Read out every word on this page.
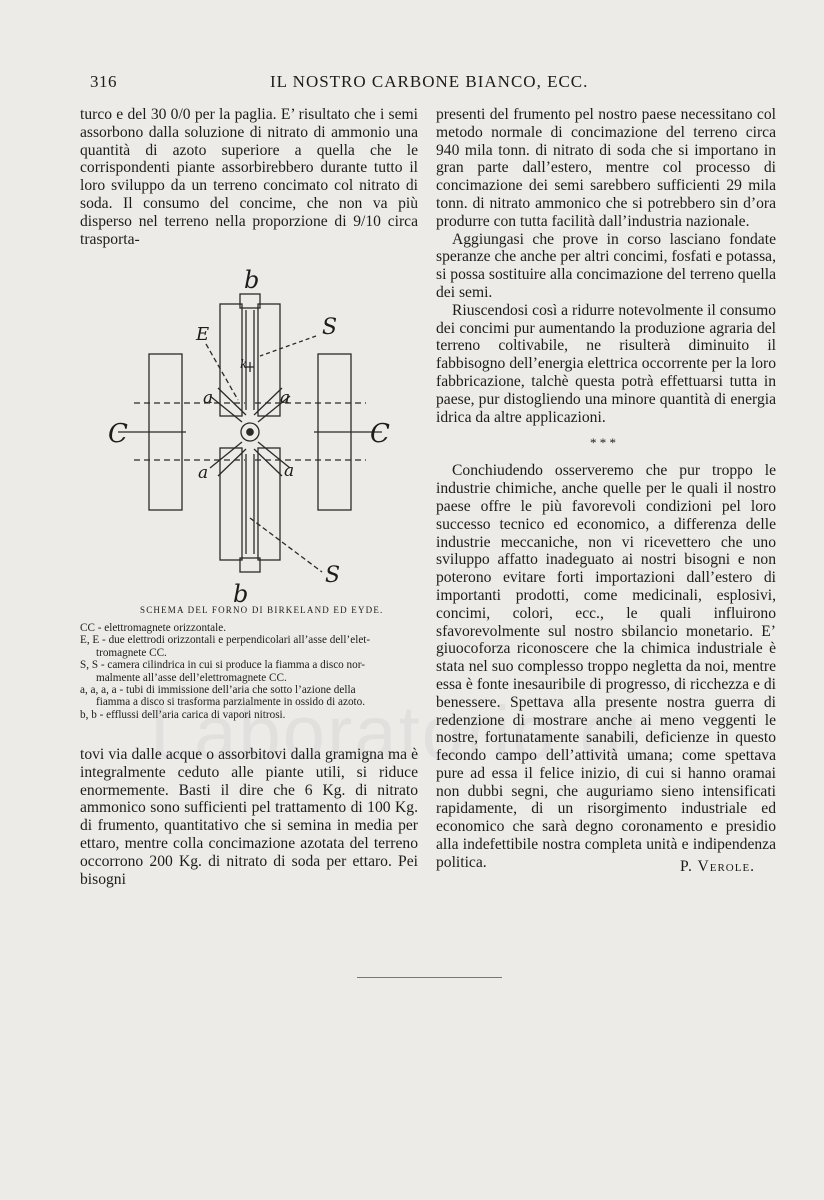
316	IL NOSTRO CARBONE BIANCO, ECC.

turco e del 30 0/0 per la paglia. E’ risultato che i semi assorbono dalla soluzione di nitrato di ammonio una quantità di azoto superiore a quella che le corrispondenti piante assorbirebbero durante tutto il loro sviluppo da un terreno concimato col nitrato di soda. Il consumo del concime, che non va più disperso nel terreno nella proporzione di 9/10 circa trasporta-

b
b
E	S
S
C	C
a	a
a	a
k
SCHEMA DEL FORNO DI BIRKELAND ED EYDE.
CC - elettromagnete orizzontale.
E, E - due elettrodi orizzontali e perpendicolari all’asse dell’elet-
tromagnete CC.
S, S - camera cilindrica in cui si produce la fiamma a disco nor-
malmente all’asse dell’elettromagnete CC.
a, a, a, a - tubi di immissione dell’aria che sotto l’azione della
fiamma a disco si trasforma parzialmente in ossido di azoto.
b, b - efflussi dell’aria carica di vapori nitrosi.

tovi via dalle acque o assorbitovi dalla gramigna ma è integralmente ceduto alle piante utili, si riduce enormemente. Basti il dire che 6 Kg. di nitrato ammonico sono sufficienti pel trattamento di 100 Kg. di frumento, quantitativo che si semina in media per ettaro, mentre colla concimazione azotata del terreno occorrono 200 Kg. di nitrato di soda per ettaro. Pei bisogni

presenti del frumento pel nostro paese necessitano col metodo normale di concimazione del terreno circa 940 mila tonn. di nitrato di soda che si importano in gran parte dall’estero, mentre col processo di concimazione dei semi sarebbero sufficienti 29 mila tonn. di nitrato ammonico che si potrebbero sin d’ora produrre con tutta facilità dall’industria nazionale.

Aggiungasi che prove in corso lasciano fondate speranze che anche per altri concimi, fosfati e potassa, si possa sostituire alla concimazione del terreno quella dei semi.

Riuscendosi così a ridurre notevolmente il consumo dei concimi pur aumentando la produzione agraria del terreno coltivabile, ne risulterà diminuito il fabbisogno dell’energia elettrica occorrente per la loro fabbricazione, talchè questa potrà effettuarsi tutta in paese, pur distogliendo una minore quantità di energia idrica da altre applicazioni.

Conchiudendo osserveremo che pur troppo le industrie chimiche, anche quelle per le quali il nostro paese offre le più favorevoli condizioni pel loro successo tecnico ed economico, a differenza delle industrie meccaniche, non vi ricevettero che uno sviluppo affatto inadeguato ai nostri bisogni e non poterono evitare forti importazioni dall’estero di importanti prodotti, come medicinali, esplosivi, concimi, colori, ecc., le quali influirono sfavorevolmente sul nostro sbilancio monetario. E’ giuocoforza riconoscere che la chimica industriale è stata nel suo complesso troppo negletta da noi, mentre essa è fonte inesauribile di progresso, di ricchezza e di benessere. Spettava alla presente nostra guerra di redenzione di mostrare anche ai meno veggenti le nostre, fortunatamente sanabili, deficienze in questo fecondo campo dell’attività umana; come spettava pure ad essa il felice inizio, di cui si hanno oramai non dubbi segni, che auguriamo sieno intensificati rapidamente, di un risorgimento industriale ed economico che sarà degno coronamento e presidio alla indefettibile nostra completa unità e indipendenza politica.

* * *
P. Verole.
